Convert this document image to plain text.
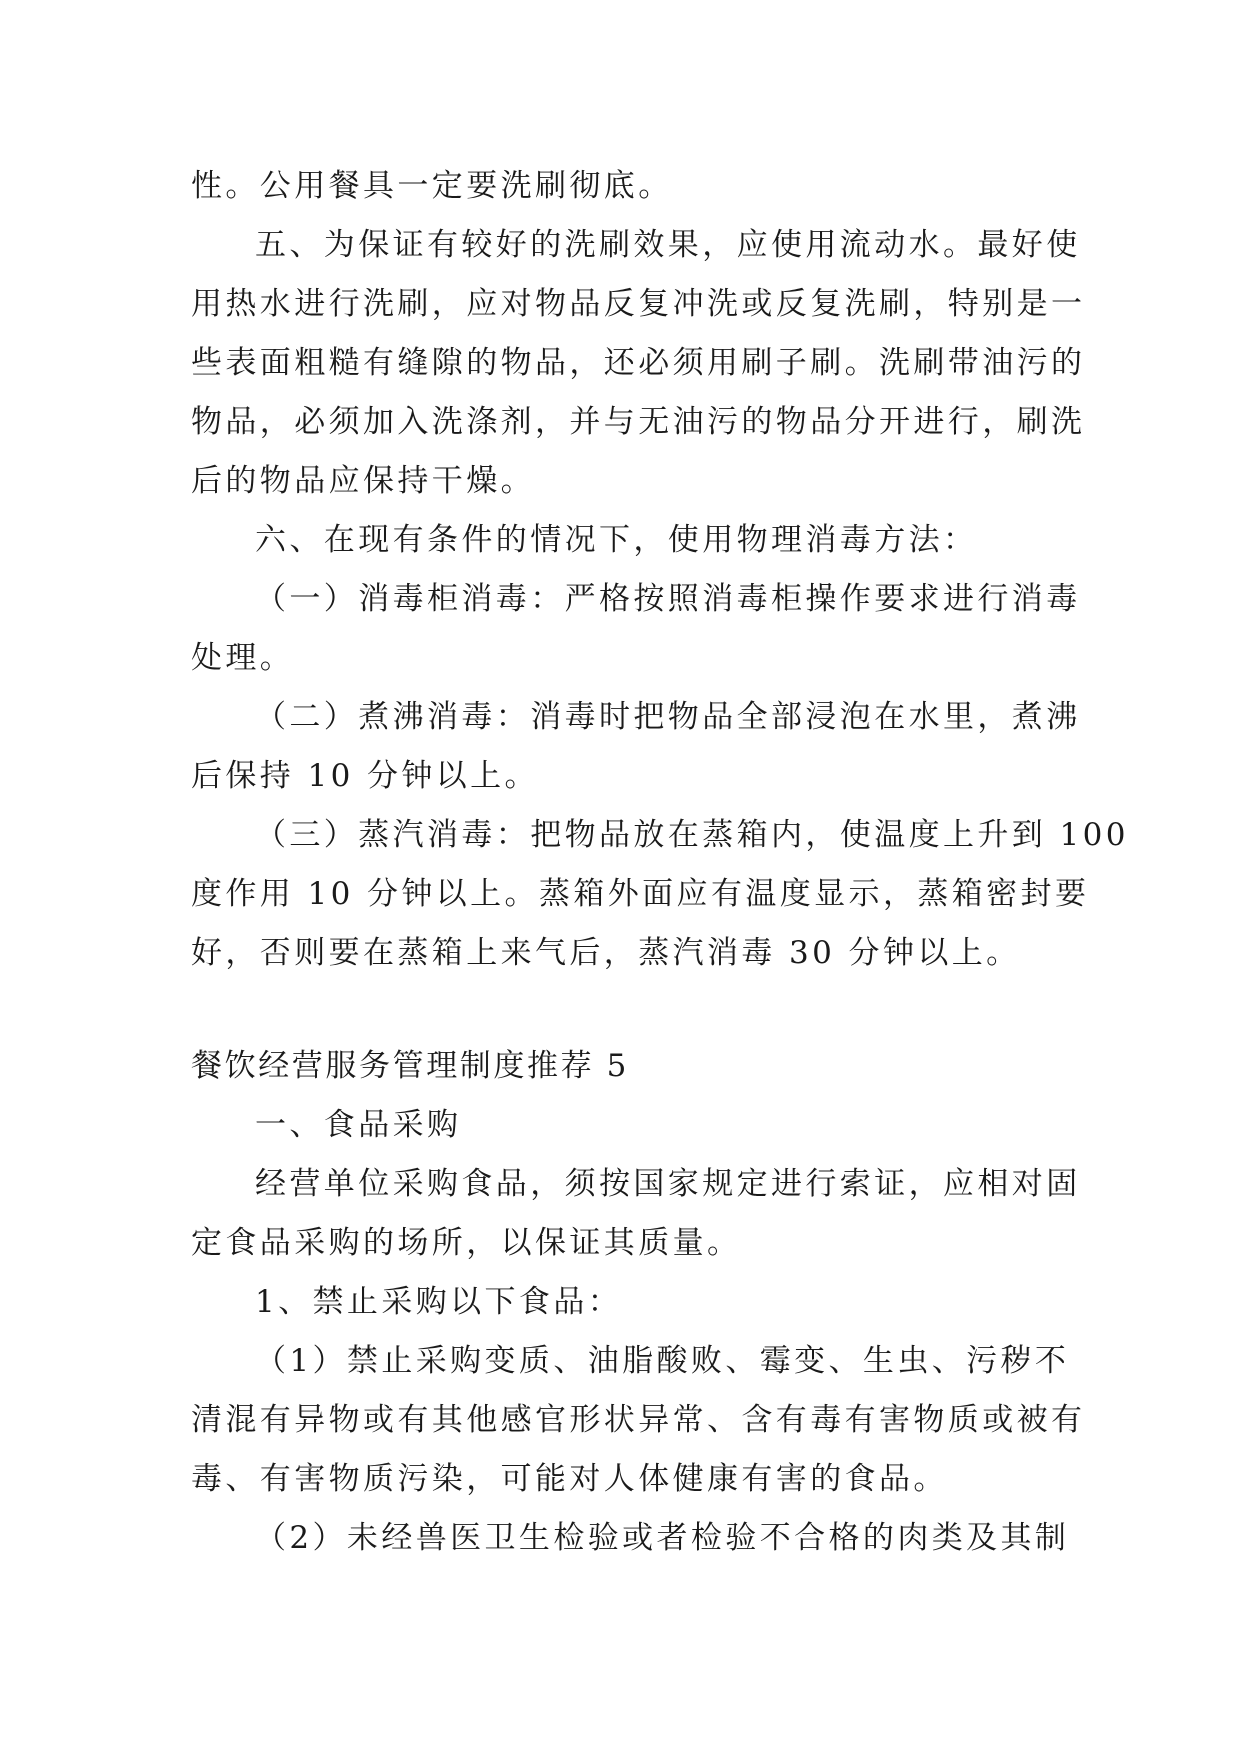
性。公用餐具一定要洗刷彻底。
五、为保证有较好的洗刷效果，应使用流动水。最好使
用热水进行洗刷，应对物品反复冲洗或反复洗刷，特别是一
些表面粗糙有缝隙的物品，还必须用刷子刷。洗刷带油污的
物品，必须加入洗涤剂，并与无油污的物品分开进行，刷洗
后的物品应保持干燥。
六、在现有条件的情况下，使用物理消毒方法：
（一）消毒柜消毒：严格按照消毒柜操作要求进行消毒
处理。
（二）煮沸消毒：消毒时把物品全部浸泡在水里，煮沸
后保持 10 分钟以上。
（三）蒸汽消毒：把物品放在蒸箱内，使温度上升到 100
度作用 10 分钟以上。蒸箱外面应有温度显示，蒸箱密封要
好，否则要在蒸箱上来气后，蒸汽消毒 30 分钟以上。
餐饮经营服务管理制度推荐 5
一、食品采购
经营单位采购食品，须按国家规定进行索证，应相对固
定食品采购的场所，以保证其质量。
1、禁止采购以下食品：
（1）禁止采购变质、油脂酸败、霉变、生虫、污秽不
清混有异物或有其他感官形状异常、含有毒有害物质或被有
毒、有害物质污染，可能对人体健康有害的食品。
（2）未经兽医卫生检验或者检验不合格的肉类及其制
